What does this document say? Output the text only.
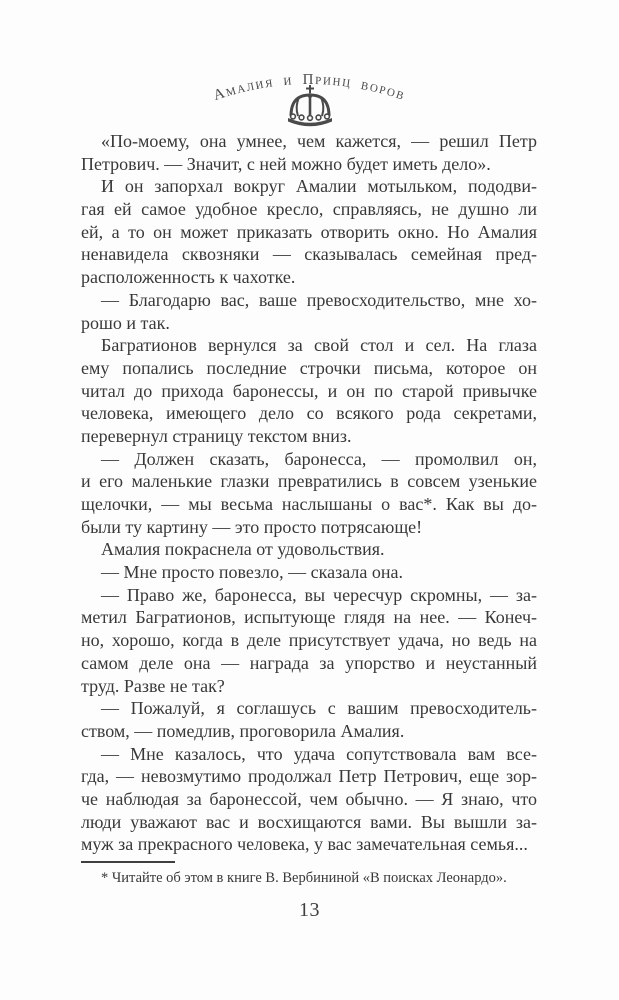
Амалия и Принц воров
«По-моему, она умнее, чем кажется, — решил Петр
Петрович. — Значит, с ней можно будет иметь дело».
И он запорхал вокруг Амалии мотыльком, пододви-
гая ей самое удобное кресло, справляясь, не душно ли
ей, а то он может приказать отворить окно. Но Амалия
ненавидела сквозняки — сказывалась семейная пред-
расположенность к чахотке.
— Благодарю вас, ваше превосходительство, мне хо-
рошо и так.
Багратионов вернулся за свой стол и сел. На глаза
ему попались последние строчки письма, которое он
читал до прихода баронессы, и он по старой привычке
человека, имеющего дело со всякого рода секретами,
перевернул страницу текстом вниз.
— Должен сказать, баронесса, — промолвил он,
и его маленькие глазки превратились в совсем узенькие
щелочки, — мы весьма наслышаны о вас*. Как вы до-
были ту картину — это просто потрясающе!
Амалия покраснела от удовольствия.
— Мне просто повезло, — сказала она.
— Право же, баронесса, вы чересчур скромны, — за-
метил Багратионов, испытующе глядя на нее. — Конеч-
но, хорошо, когда в деле присутствует удача, но ведь на
самом деле она — награда за упорство и неустанный
труд. Разве не так?
— Пожалуй, я соглашусь с вашим превосходитель-
ством, — помедлив, проговорила Амалия.
— Мне казалось, что удача сопутствовала вам все-
гда, — невозмутимо продолжал Петр Петрович, еще зор-
че наблюдая за баронессой, чем обычно. — Я знаю, что
люди уважают вас и восхищаются вами. Вы вышли за-
муж за прекрасного человека, у вас замечательная семья...
* Читайте об этом в книге В. Вербининой «В поисках Леонардо».
13
